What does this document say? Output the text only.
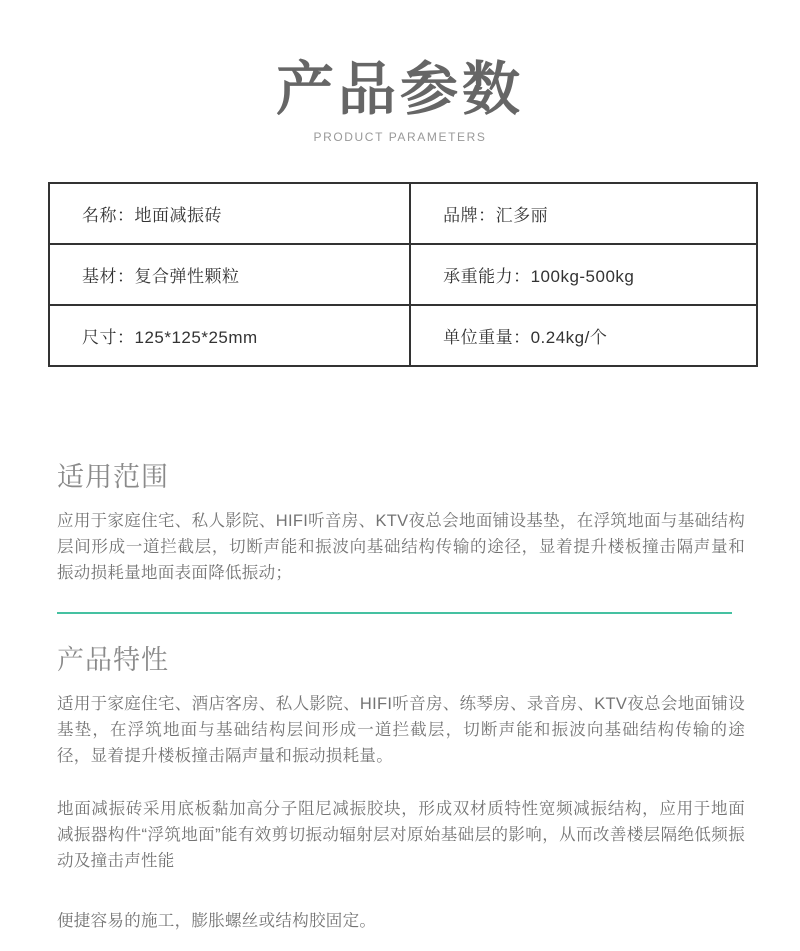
产品参数
PRODUCT PARAMETERS
名称：地面减振砖	品牌：汇多丽
基材：复合弹性颗粒	承重能力：100kg-500kg
尺寸：125*125*25mm	单位重量：0.24kg/个
适用范围

应用于家庭住宅、私人影院、HIFI听音房、KTV夜总会地面铺设基垫，在浮筑地面与基础结构层间形成一道拦截层，切断声能和振波向基础结构传输的途径，显着提升楼板撞击隔声量和振动损耗量地面表面降低振动；

产品特性

适用于家庭住宅、酒店客房、私人影院、HIFI听音房、练琴房、录音房、KTV夜总会地面铺设基垫，在浮筑地面与基础结构层间形成一道拦截层，切断声能和振波向基础结构传输的途径，显着提升楼板撞击隔声量和振动损耗量。

地面减振砖采用底板黏加高分子阻尼减振胶块，形成双材质特性宽频减振结构，应用于地面减振器构件“浮筑地面”能有效剪切振动辐射层对原始基础层的影响，从而改善楼层隔绝低频振动及撞击声性能

便捷容易的施工，膨胀螺丝或结构胶固定。
